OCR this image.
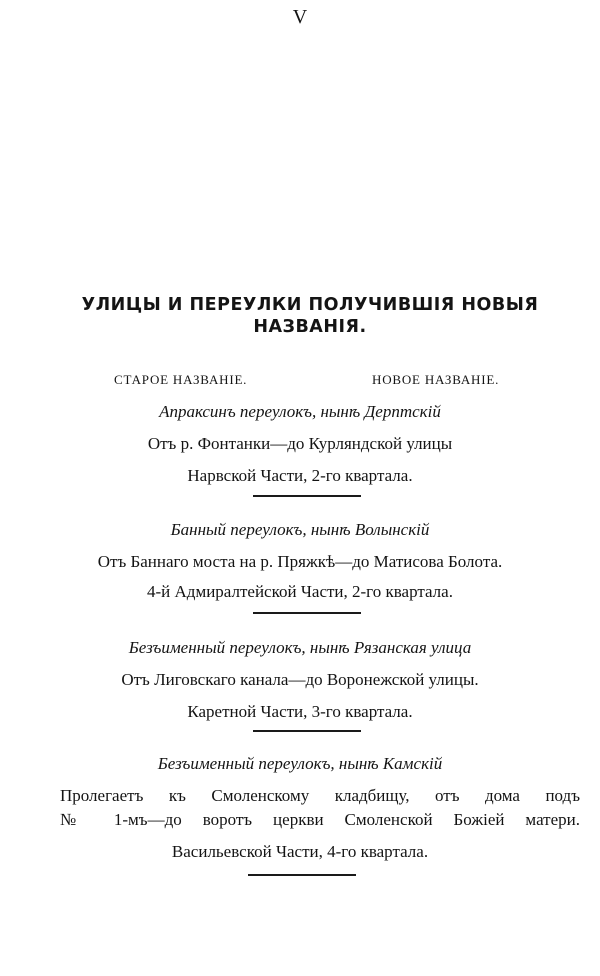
V
УЛИЦЫ И ПЕРЕУЛКИ ПОЛУЧИВШІЯ НОВЫЯ
НАЗВАНІЯ.
СТАРОЕ НАЗВАНІЕ.	НОВОЕ НАЗВАНІЕ.
Апраксинъ переулокъ, нынѣ Дерптскій
Отъ р. Фонтанки—до Курляндской улицы
Нарвской Части, 2-го квартала.
Банный переулокъ, нынѣ Волынскій
Отъ Баннаго моста на р. Пряжкѣ—до Матисова Болота.
4-й Адмиралтейской Части, 2-го квартала.
Безъименный переулокъ, нынѣ Рязанская улица
Отъ Лиговскаго канала—до Воронежской улицы.
Каретной Части, 3-го квартала.
Безъименный переулокъ, нынѣ Камскій
Пролегаетъ къ Смоленскому кладбищу, отъ дома подъ
№ 1-мъ—до воротъ церкви Смоленской Божіей матери.
Васильевской Части, 4-го квартала.
